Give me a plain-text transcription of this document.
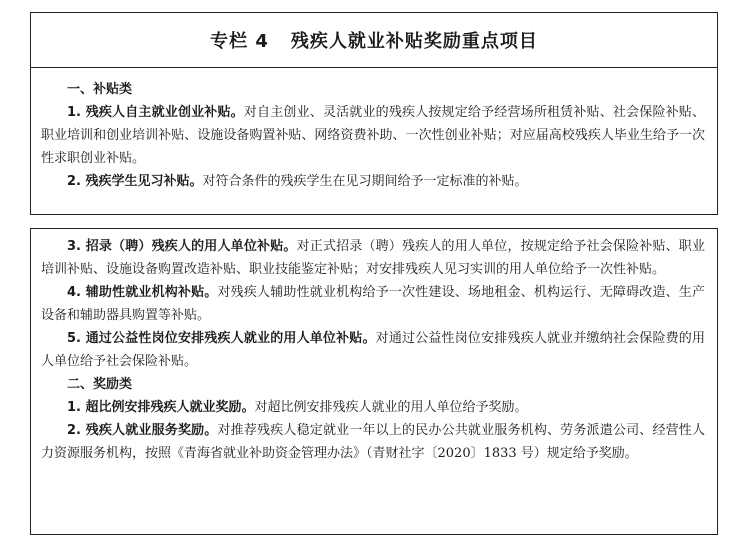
专栏 4 残疾人就业补贴奖励重点项目
一、补贴类

1. 残疾人自主就业创业补贴。对自主创业、灵活就业的残疾人按规定给予经营场所租赁补贴、社会保险补贴、职业培训和创业培训补贴、设施设备购置补贴、网络资费补助、一次性创业补贴；对应届高校残疾人毕业生给予一次性求职创业补贴。

2. 残疾学生见习补贴。对符合条件的残疾学生在见习期间给予一定标准的补贴。

3. 招录（聘）残疾人的用人单位补贴。对正式招录（聘）残疾人的用人单位，按规定给予社会保险补贴、职业培训补贴、设施设备购置改造补贴、职业技能鉴定补贴；对安排残疾人见习实训的用人单位给予一次性补贴。

4. 辅助性就业机构补贴。对残疾人辅助性就业机构给予一次性建设、场地租金、机构运行、无障碍改造、生产设备和辅助器具购置等补贴。

5. 通过公益性岗位安排残疾人就业的用人单位补贴。对通过公益性岗位安排残疾人就业并缴纳社会保险费的用人单位给予社会保险补贴。

二、奖励类

1. 超比例安排残疾人就业奖励。对超比例安排残疾人就业的用人单位给予奖励。

2. 残疾人就业服务奖励。对推荐残疾人稳定就业一年以上的民办公共就业服务机构、劳务派遣公司、经营性人力资源服务机构，按照《青海省就业补助资金管理办法》（青财社字〔2020〕1833 号）规定给予奖励。
